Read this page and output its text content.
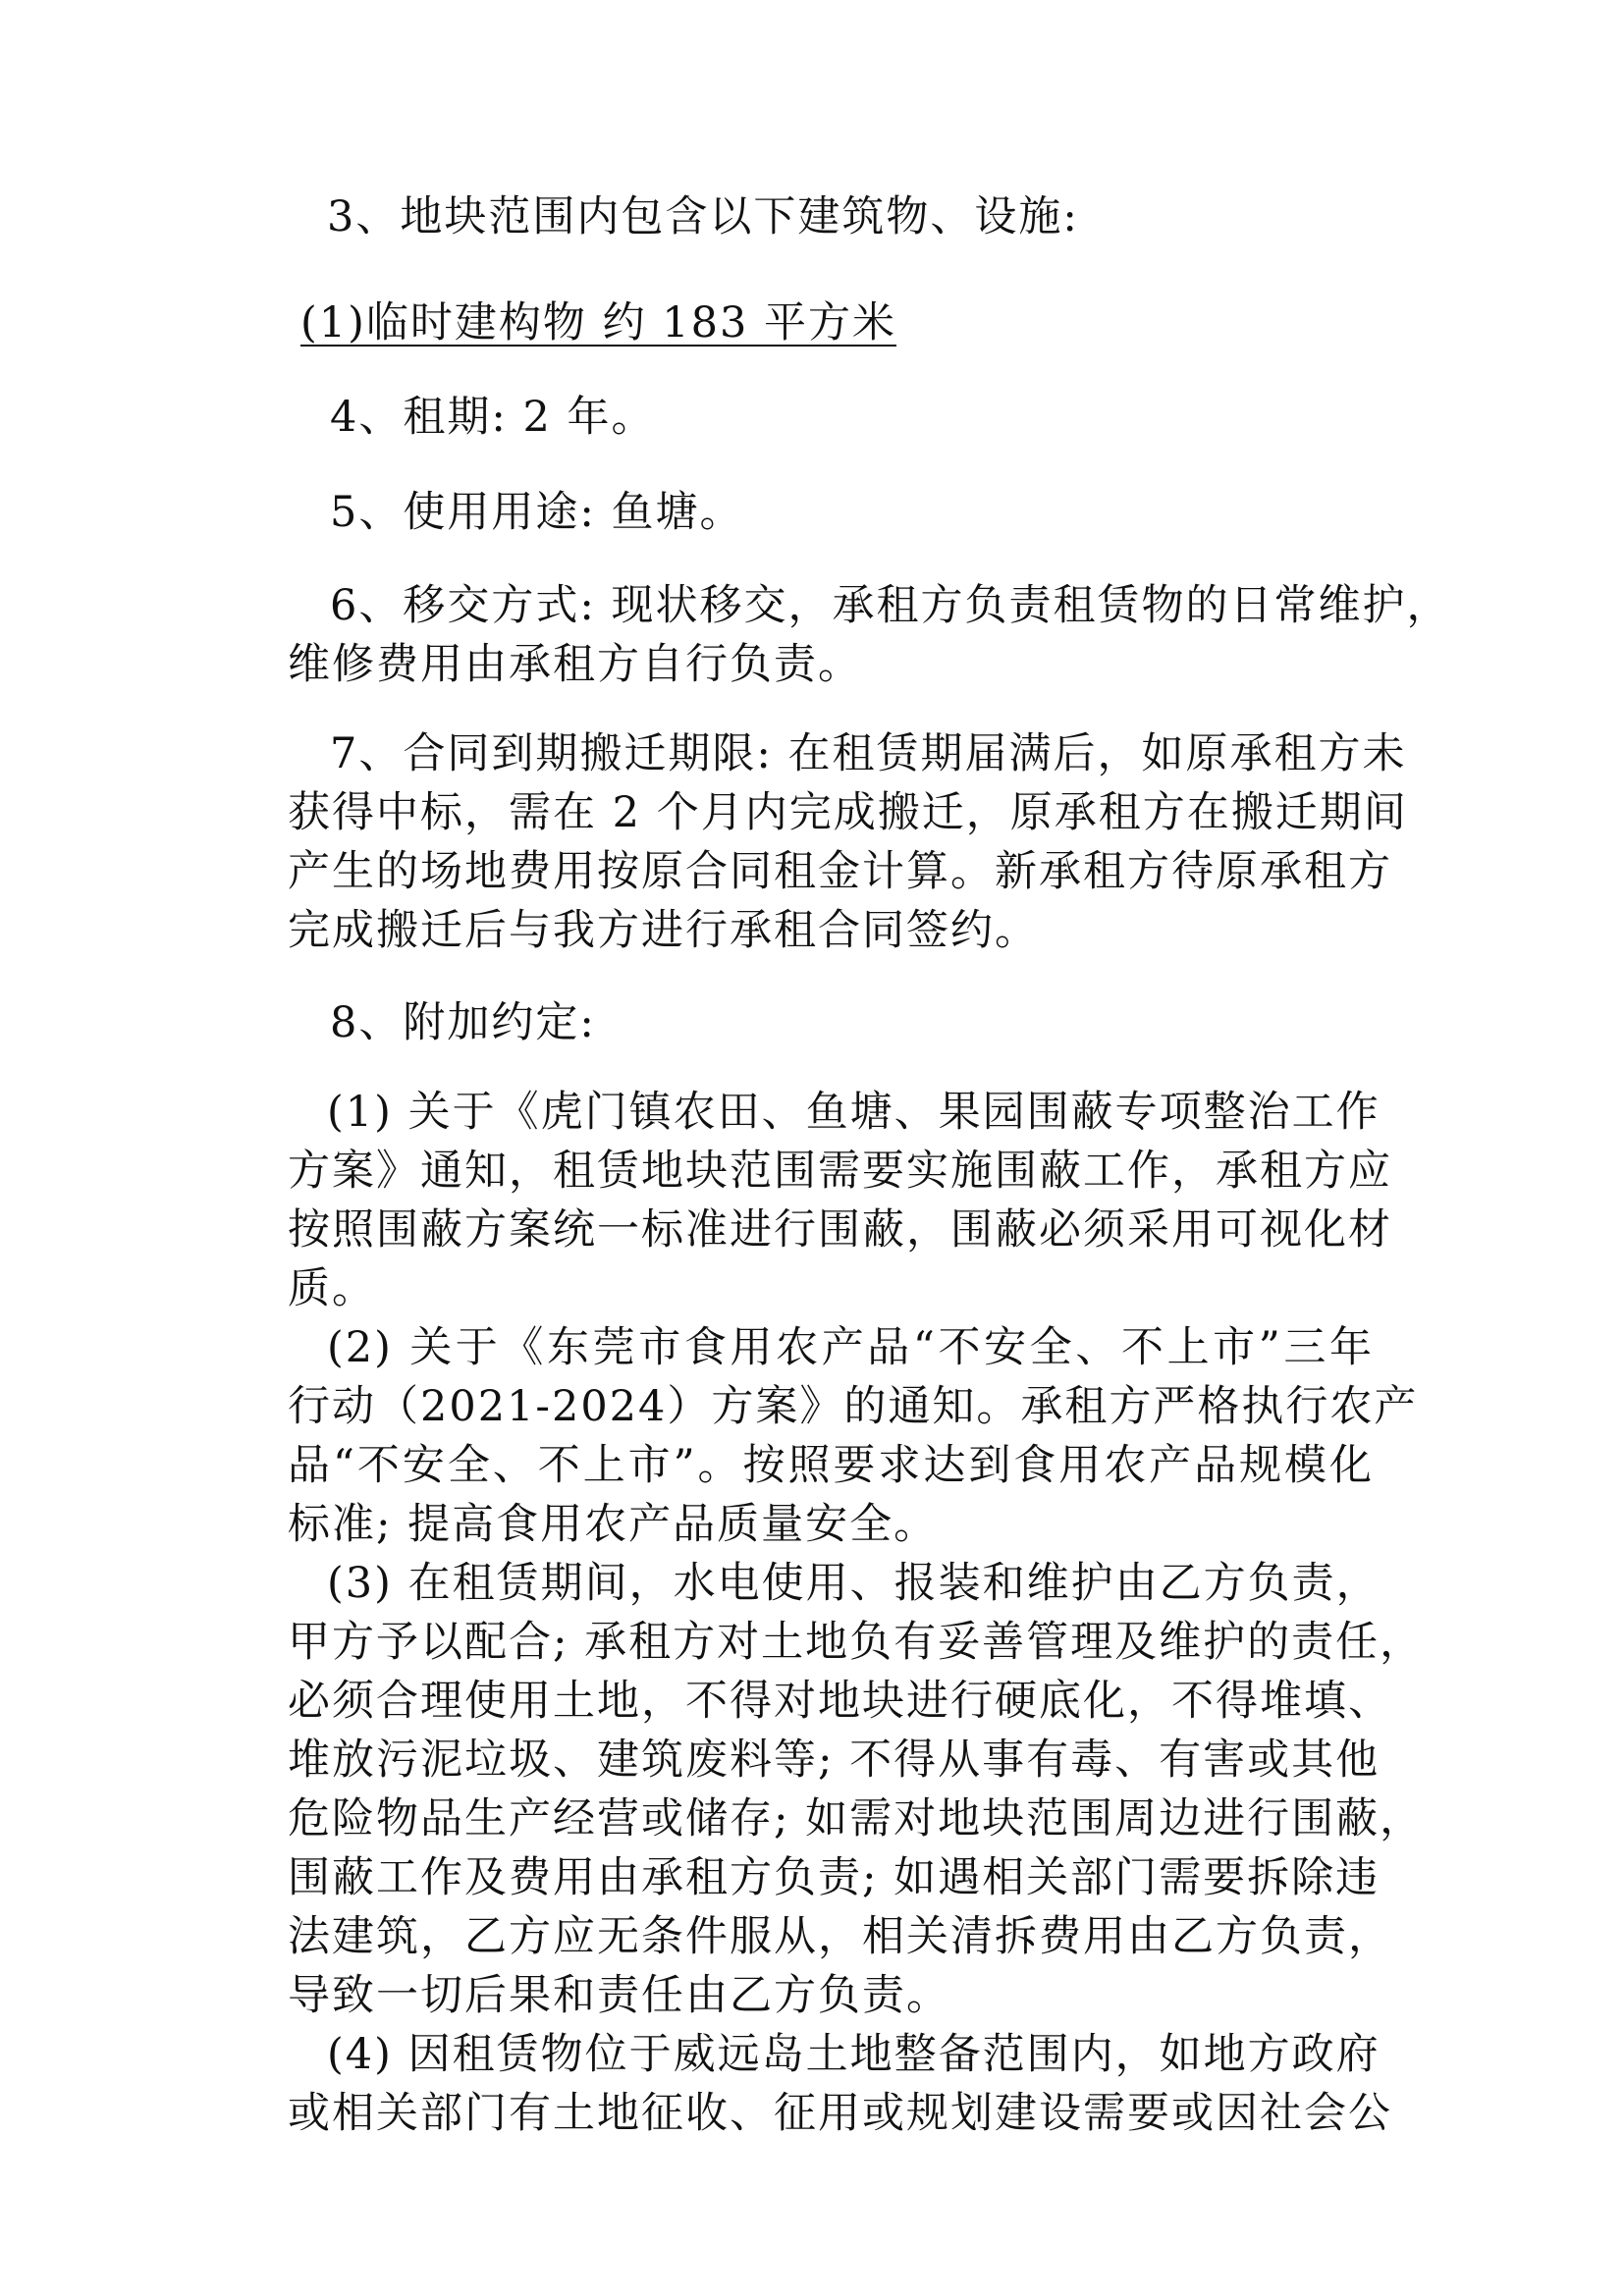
3、地块范围内包含以下建筑物、设施:
(1)临时建构物 约 183 平方米
4、租期: 2 年。
5、使用用途: 鱼塘。
6、移交方式: 现状移交，承租方负责租赁物的日常维护，
维修费用由承租方自行负责。
7、合同到期搬迁期限: 在租赁期届满后，如原承租方未
获得中标，需在 2 个月内完成搬迁，原承租方在搬迁期间
产生的场地费用按原合同租金计算。新承租方待原承租方
完成搬迁后与我方进行承租合同签约。
8、附加约定:
(1) 关于《虎门镇农田、鱼塘、果园围蔽专项整治工作
方案》通知，租赁地块范围需要实施围蔽工作，承租方应
按照围蔽方案统一标准进行围蔽，围蔽必须采用可视化材
质。
(2) 关于《东莞市食用农产品“不安全、不上市”三年
行动（2021-2024）方案》的通知。承租方严格执行农产
品“不安全、不上市”。按照要求达到食用农产品规模化
标准; 提高食用农产品质量安全。
(3) 在租赁期间，水电使用、报装和维护由乙方负责，
甲方予以配合; 承租方对土地负有妥善管理及维护的责任，
必须合理使用土地，不得对地块进行硬底化，不得堆填、
堆放污泥垃圾、建筑废料等; 不得从事有毒、有害或其他
危险物品生产经营或储存; 如需对地块范围周边进行围蔽，
围蔽工作及费用由承租方负责; 如遇相关部门需要拆除违
法建筑，乙方应无条件服从，相关清拆费用由乙方负责，
导致一切后果和责任由乙方负责。
(4) 因租赁物位于威远岛土地整备范围内，如地方政府
或相关部门有土地征收、征用或规划建设需要或因社会公
